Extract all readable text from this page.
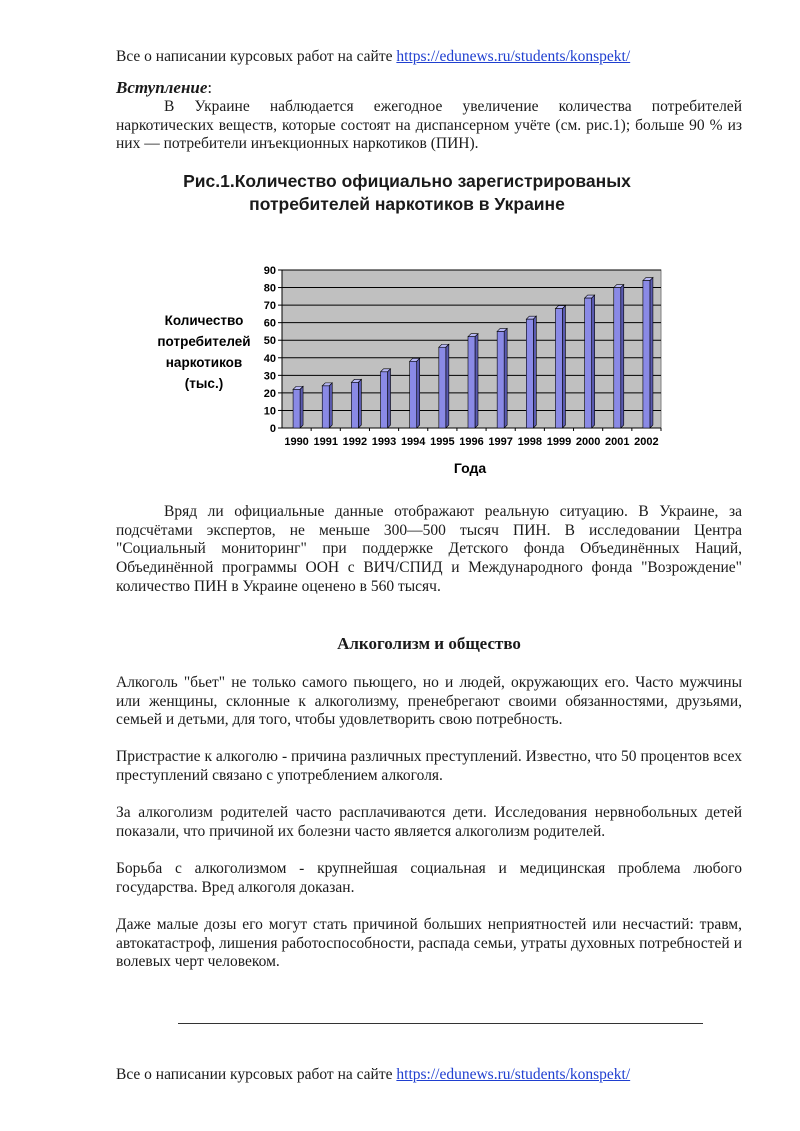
Все о написании курсовых работ на сайте https://edunews.ru/students/konspekt/
Вступление:
В Украине наблюдается ежегодное увеличение количества потребителей наркотических веществ, которые состоят на диспансерном учёте (см. рис.1); больше 90 % из них — потребители инъекционных наркотиков (ПИН).
Рис.1.Количество официально зарегистрированых потребителей наркотиков в Украине
0
10
20
30
40
50
60
70
80
90
1990 1991 1992 1993 1994 1995 1996 1997 1998 1999 2000 2001 2002
Количество потребителей наркотиков (тыс.)
Года
Вряд ли официальные данные отображают реальную ситуацию. В Украине, за подсчётами экспертов, не меньше 300—500 тысяч ПИН. В исследовании Центра "Социальный мониторинг" при поддержке Детского фонда Объединённых Наций, Объединённой программы ООН с ВИЧ/СПИД и Международного фонда "Возрождение" количество ПИН в Украине оценено в 560 тысяч.
Алкоголизм и общество
Алкоголь "бьет" не только самого пьющего, но и людей, окружающих его. Часто мужчины или женщины, склонные к алкоголизму, пренебрегают своими обязанностями, друзьями, семьей и детьми, для того, чтобы удовлетворить свою потребность.
Пристрастие к алкоголю - причина различных преступлений. Известно, что 50 процентов всех преступлений связано с употреблением алкоголя.
За алкоголизм родителей часто расплачиваются дети. Исследования нервнобольных детей показали, что причиной их болезни часто является алкоголизм родителей.
Борьба с алкоголизмом - крупнейшая социальная и медицинская проблема любого государства. Вред алкоголя доказан.
Даже малые дозы его могут стать причиной больших неприятностей или несчастий: травм, автокатастроф, лишения работоспособности, распада семьи, утраты духовных потребностей и волевых черт человеком.
Все о написании курсовых работ на сайте https://edunews.ru/students/konspekt/
